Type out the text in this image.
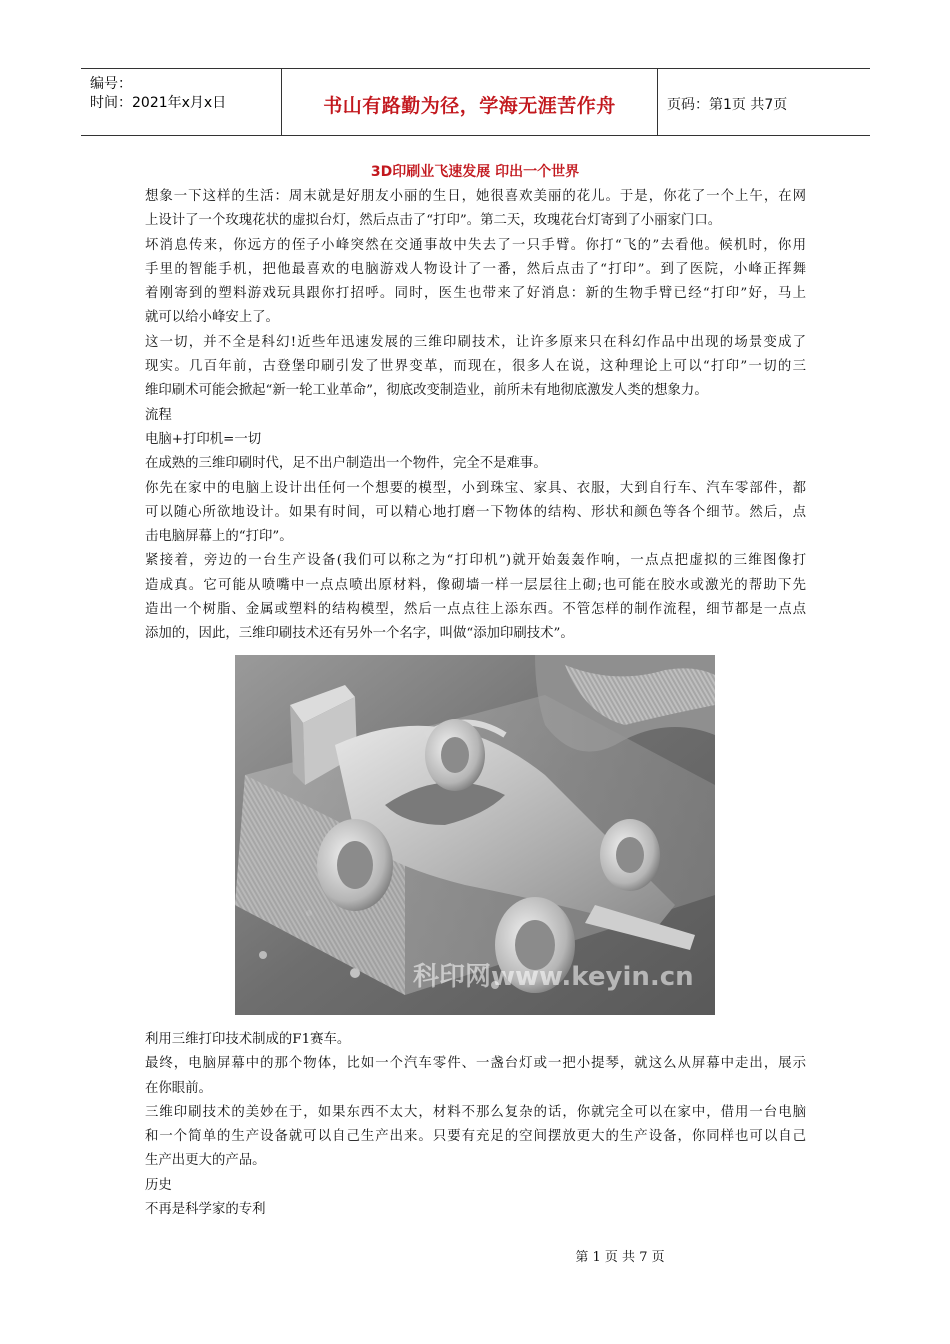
编号：
时间：2021年x月x日	书山有路勤为径，学海无涯苦作舟	页码：第1页 共7页
3D印刷业飞速发展 印出一个世界

想象一下这样的生活：周末就是好朋友小丽的生日，她很喜欢美丽的花儿。于是，你花了一个上午，在网

上设计了一个玫瑰花状的虚拟台灯，然后点击了“打印”。第二天，玫瑰花台灯寄到了小丽家门口。

坏消息传来，你远方的侄子小峰突然在交通事故中失去了一只手臂。你打“飞的”去看他。候机时，你用

手里的智能手机，把他最喜欢的电脑游戏人物设计了一番，然后点击了“打印”。到了医院，小峰正挥舞

着刚寄到的塑料游戏玩具跟你打招呼。同时，医生也带来了好消息：新的生物手臂已经“打印”好，马上

就可以给小峰安上了。

这一切，并不全是科幻!近些年迅速发展的三维印刷技术，让许多原来只在科幻作品中出现的场景变成了

现实。几百年前，古登堡印刷引发了世界变革，而现在，很多人在说，这种理论上可以“打印”一切的三

维印刷术可能会掀起“新一轮工业革命”，彻底改变制造业，前所未有地彻底激发人类的想象力。

流程

电脑+打印机=一切

在成熟的三维印刷时代，足不出户制造出一个物件，完全不是难事。

你先在家中的电脑上设计出任何一个想要的模型，小到珠宝、家具、衣服，大到自行车、汽车零部件，都

可以随心所欲地设计。如果有时间，可以精心地打磨一下物体的结构、形状和颜色等各个细节。然后，点

击电脑屏幕上的“打印”。

紧接着，旁边的一台生产设备(我们可以称之为“打印机”)就开始轰轰作响，一点点把虚拟的三维图像打

造成真。它可能从喷嘴中一点点喷出原材料，像砌墙一样一层层往上砌;也可能在胶水或激光的帮助下先

造出一个树脂、金属或塑料的结构模型，然后一点点往上添东西。不管怎样的制作流程，细节都是一点点

添加的，因此，三维印刷技术还有另外一个名字，叫做“添加印刷技术”。

科印网www.keyin.cn

利用三维打印技术制成的F1赛车。

最终，电脑屏幕中的那个物体，比如一个汽车零件、一盏台灯或一把小提琴，就这么从屏幕中走出，展示

在你眼前。

三维印刷技术的美妙在于，如果东西不太大，材料不那么复杂的话，你就完全可以在家中，借用一台电脑

和一个简单的生产设备就可以自己生产出来。只要有充足的空间摆放更大的生产设备，你同样也可以自己

生产出更大的产品。

历史

不再是科学家的专利

第 1 页 共 7 页
